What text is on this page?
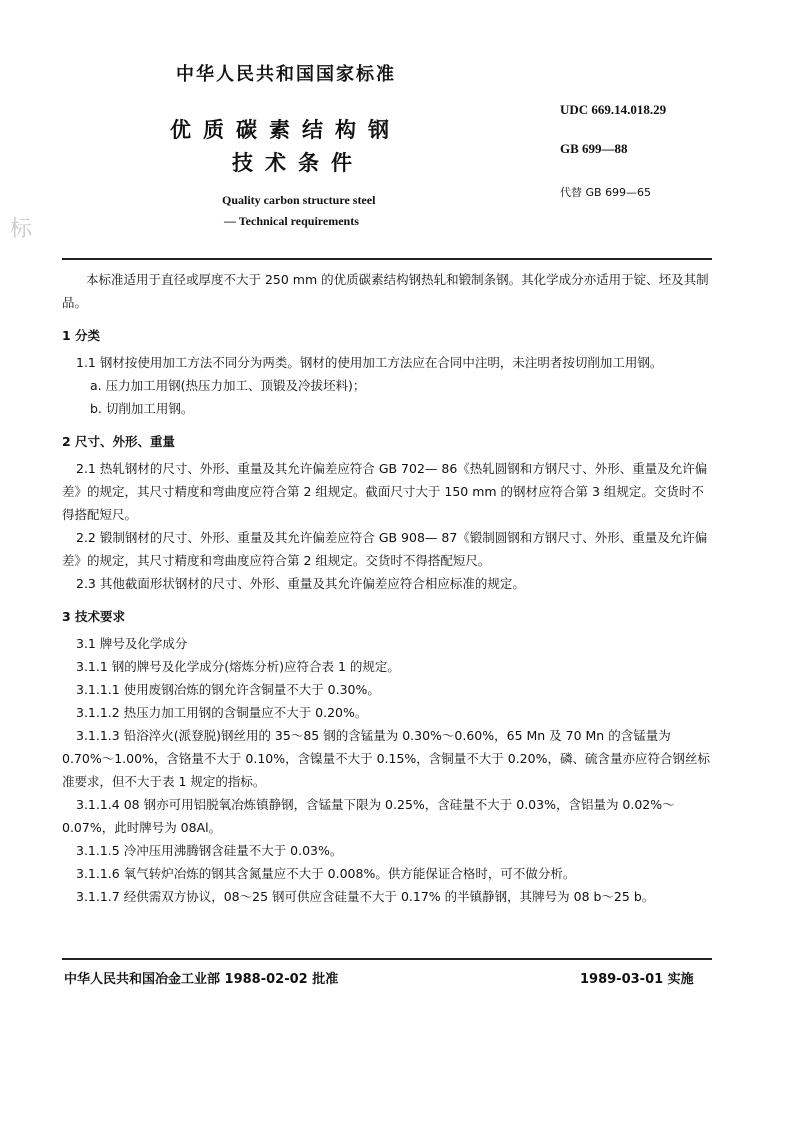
中华人民共和国国家标准
优质碳素结构钢
技术条件
Quality carbon structure steel
— Technical requirements
UDC 669.14.018.29
GB 699—88
代替 GB 699—65
标

本标准适用于直径或厚度不大于 250 mm 的优质碳素结构钢热轧和锻制条钢。其化学成分亦适用于锭、坯及其制品。

1 分类

1.1 钢材按使用加工方法不同分为两类。钢材的使用加工方法应在合同中注明，未注明者按切削加工用钢。

a. 压力加工用钢(热压力加工、顶锻及冷拔坯料)；

b. 切削加工用钢。

2 尺寸、外形、重量

2.1 热轧钢材的尺寸、外形、重量及其允许偏差应符合 GB 702— 86《热轧圆钢和方钢尺寸、外形、重量及允许偏差》的规定，其尺寸精度和弯曲度应符合第 2 组规定。截面尺寸大于 150 mm 的钢材应符合第 3 组规定。交货时不得搭配短尺。

2.2 锻制钢材的尺寸、外形、重量及其允许偏差应符合 GB 908— 87《锻制圆钢和方钢尺寸、外形、重量及允许偏差》的规定，其尺寸精度和弯曲度应符合第 2 组规定。交货时不得搭配短尺。

2.3 其他截面形状钢材的尺寸、外形、重量及其允许偏差应符合相应标准的规定。

3 技术要求

3.1 牌号及化学成分

3.1.1 钢的牌号及化学成分(熔炼分析)应符合表 1 的规定。

3.1.1.1 使用废钢冶炼的钢允许含铜量不大于 0.30%。

3.1.1.2 热压力加工用钢的含铜量应不大于 0.20%。

3.1.1.3 铅浴淬火(派登脱)钢丝用的 35～85 钢的含锰量为 0.30%～0.60%，65 Mn 及 70 Mn 的含锰量为 0.70%～1.00%，含铬量不大于 0.10%，含镍量不大于 0.15%，含铜量不大于 0.20%，磷、硫含量亦应符合钢丝标准要求，但不大于表 1 规定的指标。

3.1.1.4 08 钢亦可用铝脱氧冶炼镇静钢，含锰量下限为 0.25%，含硅量不大于 0.03%，含铝量为 0.02%～0.07%，此时牌号为 08Al。

3.1.1.5 冷冲压用沸腾钢含硅量不大于 0.03%。

3.1.1.6 氧气转炉冶炼的钢其含氮量应不大于 0.008%。供方能保证合格时，可不做分析。

3.1.1.7 经供需双方协议，08～25 钢可供应含硅量不大于 0.17% 的半镇静钢，其牌号为 08 b～25 b。

中华人民共和国冶金工业部 1988-02-02 批准	1989-03-01 实施
